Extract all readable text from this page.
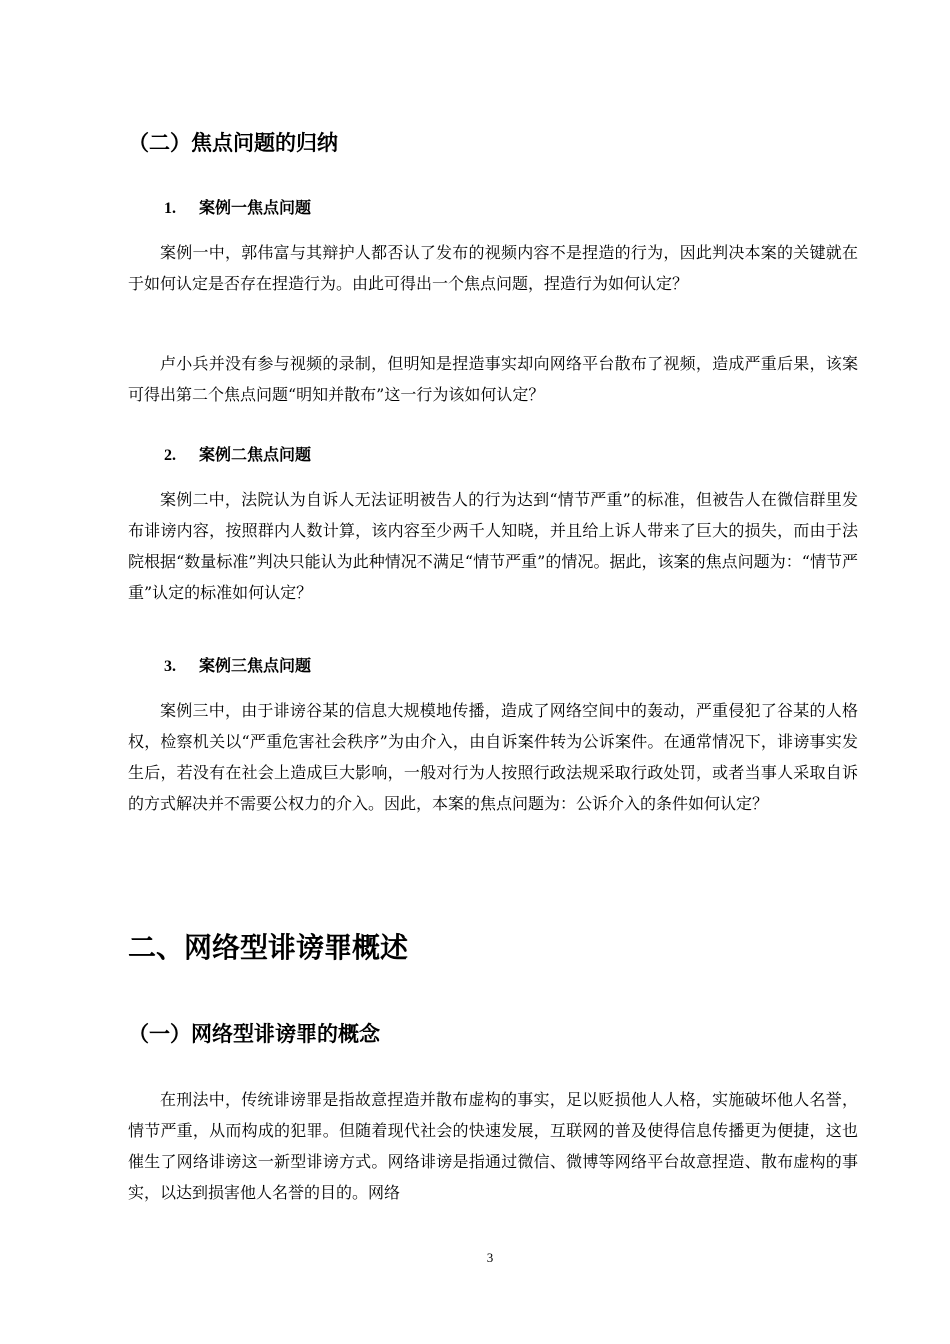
（二）焦点问题的归纳
1. 案例一焦点问题

案例一中，郭伟富与其辩护人都否认了发布的视频内容不是捏造的行为，因此判决本案的关键就在于如何认定是否存在捏造行为。由此可得出一个焦点问题，捏造行为如何认定？

卢小兵并没有参与视频的录制，但明知是捏造事实却向网络平台散布了视频，造成严重后果，该案可得出第二个焦点问题“明知并散布”这一行为该如何认定？

2. 案例二焦点问题

案例二中，法院认为自诉人无法证明被告人的行为达到“情节严重”的标准，但被告人在微信群里发布诽谤内容，按照群内人数计算，该内容至少两千人知晓，并且给上诉人带来了巨大的损失，而由于法院根据“数量标准”判决只能认为此种情况不满足“情节严重”的情况。据此，该案的焦点问题为：“情节严重”认定的标准如何认定？

3. 案例三焦点问题

案例三中，由于诽谤谷某的信息大规模地传播，造成了网络空间中的轰动，严重侵犯了谷某的人格权，检察机关以“严重危害社会秩序”为由介入，由自诉案件转为公诉案件。在通常情况下，诽谤事实发生后，若没有在社会上造成巨大影响，一般对行为人按照行政法规采取行政处罚，或者当事人采取自诉的方式解决并不需要公权力的介入。因此，本案的焦点问题为：公诉介入的条件如何认定？

二、网络型诽谤罪概述
（一）网络型诽谤罪的概念

在刑法中，传统诽谤罪是指故意捏造并散布虚构的事实，足以贬损他人人格，实施破坏他人名誉，情节严重，从而构成的犯罪。但随着现代社会的快速发展，互联网的普及使得信息传播更为便捷，这也催生了网络诽谤这一新型诽谤方式。网络诽谤是指通过微信、微博等网络平台故意捏造、散布虚构的事实，以达到损害他人名誉的目的。网络

3
